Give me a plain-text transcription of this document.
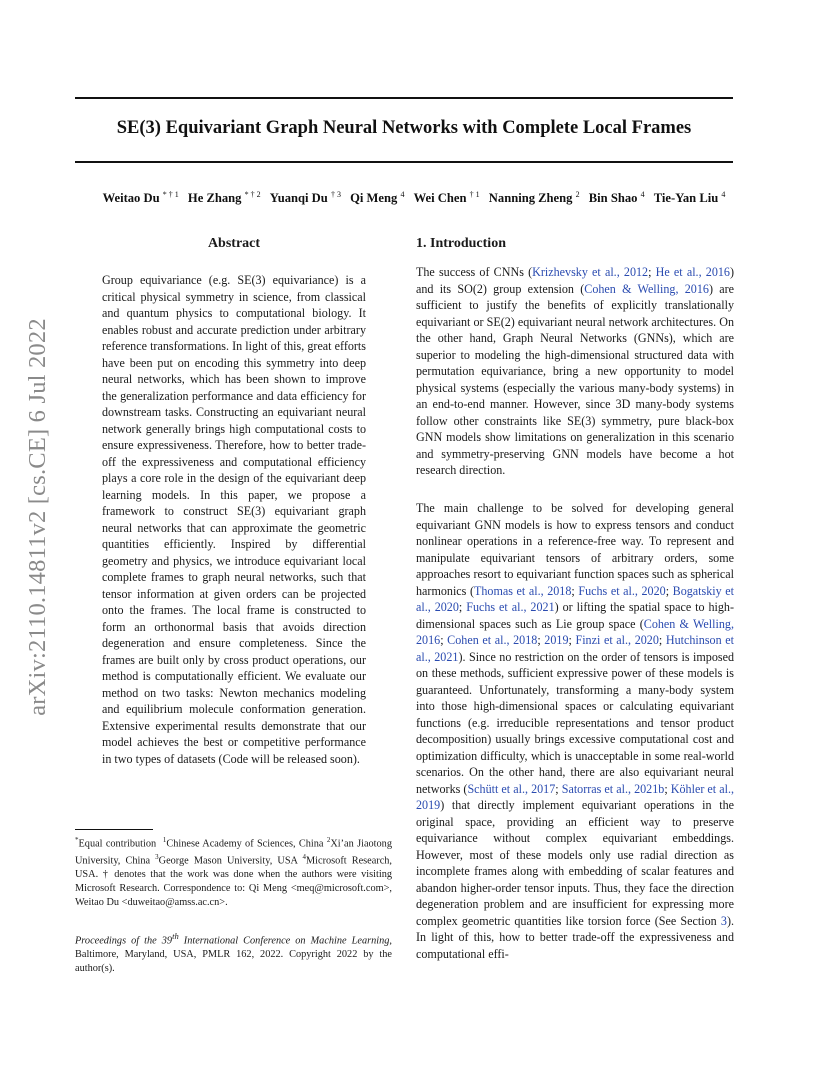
arXiv:2110.14811v2 [cs.CE] 6 Jul 2022
SE(3) Equivariant Graph Neural Networks with Complete Local Frames
Weitao Du $^{* \dagger 1}$ He Zhang $^{* \dagger 2}$ Yuanqi Du $^{\dagger 3}$ Qi Meng $^4$ Wei Chen $^{\dagger 1}$ Nanning Zheng $^2$ Bin Shao $^4$ Tie-Yan Liu $^4$
Abstract

Group equivariance (e.g. SE(3) equivariance) is a critical physical symmetry in science, from classical and quantum physics to computational biology. It enables robust and accurate prediction under arbitrary reference transformations. In light of this, great efforts have been put on encoding this symmetry into deep neural networks, which has been shown to improve the generalization performance and data efficiency for downstream tasks. Constructing an equivariant neural network generally brings high computational costs to ensure expressiveness. Therefore, how to better trade-off the expressiveness and computational efficiency plays a core role in the design of the equivariant deep learning models. In this paper, we propose a framework to construct SE(3) equivariant graph neural networks that can approximate the geometric quantities efficiently. Inspired by differential geometry and physics, we introduce equivariant local complete frames to graph neural networks, such that tensor information at given orders can be projected onto the frames. The local frame is constructed to form an orthonormal basis that avoids direction degeneration and ensure completeness. Since the frames are built only by cross product operations, our method is computationally efficient. We evaluate our method on two tasks: Newton mechanics modeling and equilibrium molecule conformation generation. Extensive experimental results demonstrate that our model achieves the best or competitive performance in two types of datasets (Code will be released soon).

*Equal contribution $^1$Chinese Academy of Sciences, China $^2$Xi’an Jiaotong University, China $^3$George Mason University, USA $^4$Microsoft Research, USA. † denotes that the work was done when the authors were visiting Microsoft Research. Correspondence to: Qi Meng <meq@microsoft.com>, Weitao Du <duweitao@amss.ac.cn>.
Proceedings of the 39th International Conference on Machine Learning, Baltimore, Maryland, USA, PMLR 162, 2022. Copyright 2022 by the author(s).
1. Introduction
The success of CNNs (Krizhevsky et al., 2012; He et al., 2016) and its SO(2) group extension (Cohen & Welling, 2016) are sufficient to justify the benefits of explicitly translationally equivariant or SE(2) equivariant neural network architectures. On the other hand, Graph Neural Networks (GNNs), which are superior to modeling the high-dimensional structured data with permutation equivariance, bring a new opportunity to model physical systems (especially the various many-body systems) in an end-to-end manner. However, since 3D many-body systems follow other constraints like SE(3) symmetry, pure black-box GNN models show limitations on generalization in this scenario and symmetry-preserving GNN models have become a hot research direction.
The main challenge to be solved for developing general equivariant GNN models is how to express tensors and conduct nonlinear operations in a reference-free way. To represent and manipulate equivariant tensors of arbitrary orders, some approaches resort to equivariant function spaces such as spherical harmonics (Thomas et al., 2018; Fuchs et al., 2020; Bogatskiy et al., 2020; Fuchs et al., 2021) or lifting the spatial space to high-dimensional spaces such as Lie group space (Cohen & Welling, 2016; Cohen et al., 2018; 2019; Finzi et al., 2020; Hutchinson et al., 2021). Since no restriction on the order of tensors is imposed on these methods, sufficient expressive power of these models is guaranteed. Unfortunately, transforming a many-body system into those high-dimensional spaces or calculating equivariant functions (e.g. irreducible representations and tensor product decomposition) usually brings excessive computational cost and optimization difficulty, which is unacceptable in some real-world scenarios. On the other hand, there are also equivariant neural networks (Schütt et al., 2017; Satorras et al., 2021b; Köhler et al., 2019) that directly implement equivariant operations in the original space, providing an efficient way to preserve equivariance without complex equivariant embeddings. However, most of these models only use radial direction as incomplete frames along with embedding of scalar features and abandon higher-order tensor inputs. Thus, they face the direction degeneration problem and are insufficient for expressing more complex geometric quantities like torsion force (See Section 3). In light of this, how to better trade-off the expressiveness and computational effi-
